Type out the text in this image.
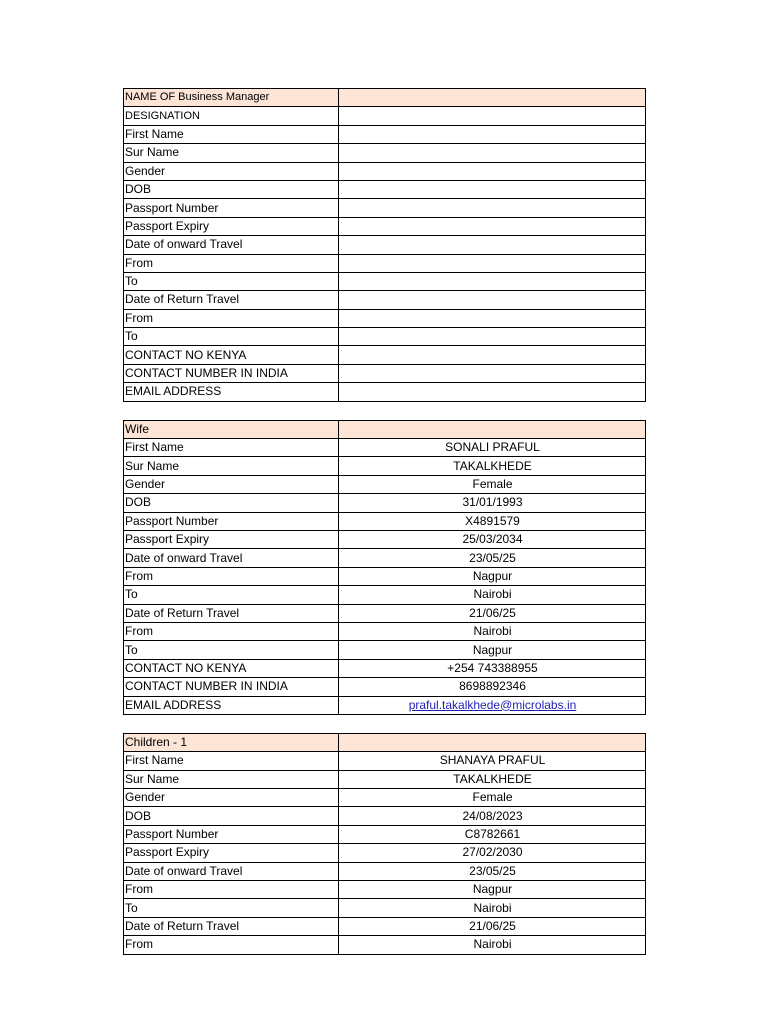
NAME OF Business Manager	
DESIGNATION	
First Name	
Sur Name	
Gender	
DOB	
Passport Number	
Passport Expiry	
Date of onward Travel	
From	
To	
Date of Return Travel	
From	
To	
CONTACT NO KENYA	
CONTACT NUMBER IN INDIA	
EMAIL ADDRESS	
Wife	
First Name	SONALI PRAFUL
Sur Name	TAKALKHEDE
Gender	Female
DOB	31/01/1993
Passport Number	X4891579
Passport Expiry	25/03/2034
Date of onward Travel	23/05/25
From	Nagpur
To	Nairobi
Date of Return Travel	21/06/25
From	Nairobi
To	Nagpur
CONTACT NO KENYA	+254 743388955
CONTACT NUMBER IN INDIA	8698892346
EMAIL ADDRESS	praful.takalkhede@microlabs.in
Children - 1	
First Name	SHANAYA PRAFUL
Sur Name	TAKALKHEDE
Gender	Female
DOB	24/08/2023
Passport Number	C8782661
Passport Expiry	27/02/2030
Date of onward Travel	23/05/25
From	Nagpur
To	Nairobi
Date of Return Travel	21/06/25
From	Nairobi
